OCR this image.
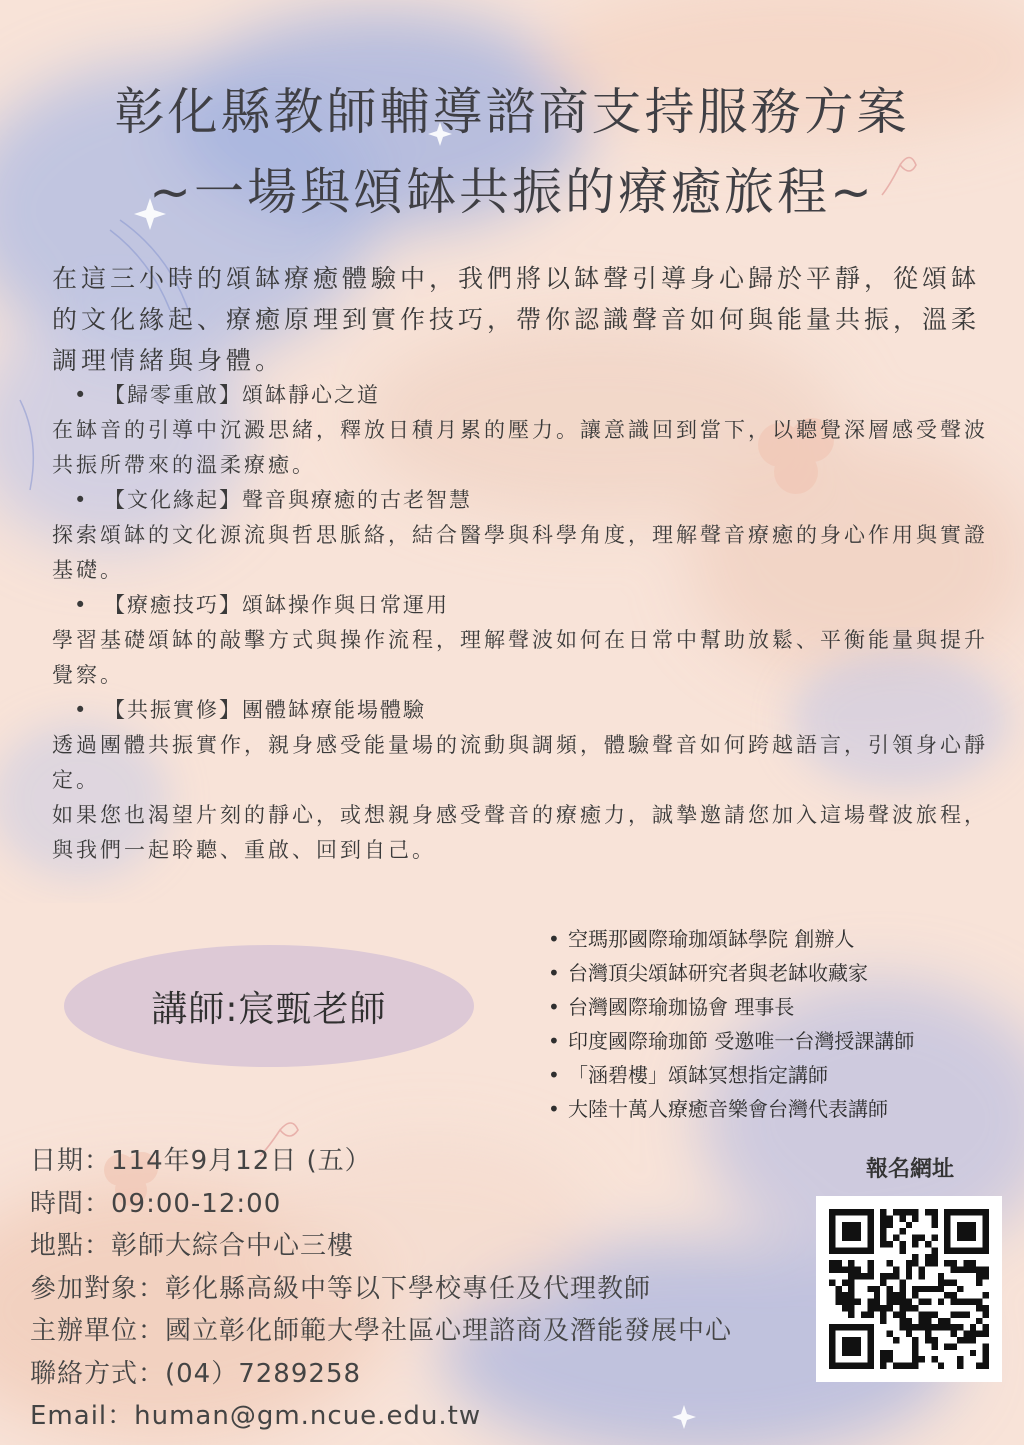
彰化縣教師輔導諮商支持服務方案
~一場與頌缽共振的療癒旅程~

在這三小時的頌缽療癒體驗中，我們將以缽聲引導身心歸於平靜，從頌缽的文化緣起、療癒原理到實作技巧，帶你認識聲音如何與能量共振，溫柔調理情緒與身體。

• 【歸零重啟】頌缽靜心之道

在缽音的引導中沉澱思緒，釋放日積月累的壓力。讓意識回到當下，以聽覺深層感受聲波共振所帶來的溫柔療癒。

• 【文化緣起】聲音與療癒的古老智慧

探索頌缽的文化源流與哲思脈絡，結合醫學與科學角度，理解聲音療癒的身心作用與實證基礎。

• 【療癒技巧】頌缽操作與日常運用

學習基礎頌缽的敲擊方式與操作流程，理解聲波如何在日常中幫助放鬆、平衡能量與提升覺察。

• 【共振實修】團體缽療能場體驗

透過團體共振實作，親身感受能量場的流動與調頻，體驗聲音如何跨越語言，引領身心靜定。

如果您也渴望片刻的靜心，或想親身感受聲音的療癒力，誠摯邀請您加入這場聲波旅程，與我們一起聆聽、重啟、回到自己。

講師:宸甄老師
• 空瑪那國際瑜珈頌缽學院 創辦人
• 台灣頂尖頌缽研究者與老缽收藏家
• 台灣國際瑜珈協會 理事長
• 印度國際瑜珈節 受邀唯一台灣授課講師
• 「涵碧樓」頌缽冥想指定講師
• 大陸十萬人療癒音樂會台灣代表講師
日期：114年9月12日 (五）
時間：09:00-12:00
地點：彰師大綜合中心三樓
參加對象：彰化縣高級中等以下學校專任及代理教師
主辦單位：國立彰化師範大學社區心理諮商及潛能發展中心
聯絡方式：(04）7289258
Email：human@gm.ncue.edu.tw
報名網址
